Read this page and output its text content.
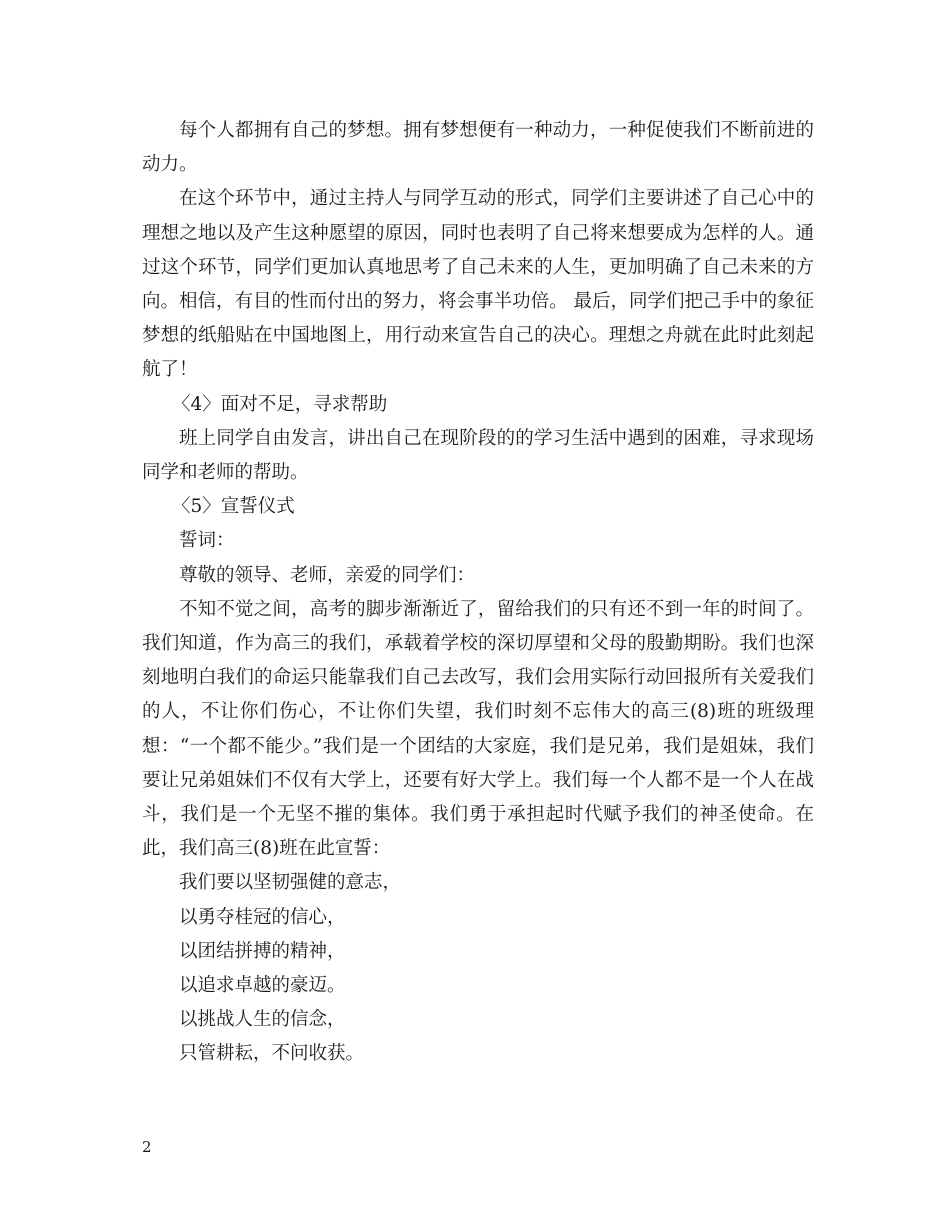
每个人都拥有自己的梦想。拥有梦想便有一种动力，一种促使我们不断前进的动力。

在这个环节中，通过主持人与同学互动的形式，同学们主要讲述了自己心中的理想之地以及产生这种愿望的原因，同时也表明了自己将来想要成为怎样的人。通过这个环节，同学们更加认真地思考了自己未来的人生，更加明确了自己未来的方向。相信，有目的性而付出的努力，将会事半功倍。 最后，同学们把己手中的象征梦想的纸船贴在中国地图上，用行动来宣告自己的决心。理想之舟就在此时此刻起航了！

〈4〉面对不足，寻求帮助

班上同学自由发言，讲出自己在现阶段的的学习生活中遇到的困难，寻求现场同学和老师的帮助。

〈5〉宣誓仪式

誓词：

尊敬的领导、老师，亲爱的同学们：

不知不觉之间，高考的脚步渐渐近了，留给我们的只有还不到一年的时间了。我们知道，作为高三的我们，承载着学校的深切厚望和父母的殷勤期盼。我们也深刻地明白我们的命运只能靠我们自己去改写，我们会用实际行动回报所有关爱我们的人，不让你们伤心，不让你们失望，我们时刻不忘伟大的高三(8)班的班级理想：“一个都不能少。”我们是一个团结的大家庭，我们是兄弟，我们是姐妹，我们要让兄弟姐妹们不仅有大学上，还要有好大学上。我们每一个人都不是一个人在战斗，我们是一个无坚不摧的集体。我们勇于承担起时代赋予我们的神圣使命。在此，我们高三(8)班在此宣誓：

我们要以坚韧强健的意志，

以勇夺桂冠的信心，

以团结拼搏的精神，

以追求卓越的豪迈。

以挑战人生的信念，

只管耕耘，不问收获。

2
